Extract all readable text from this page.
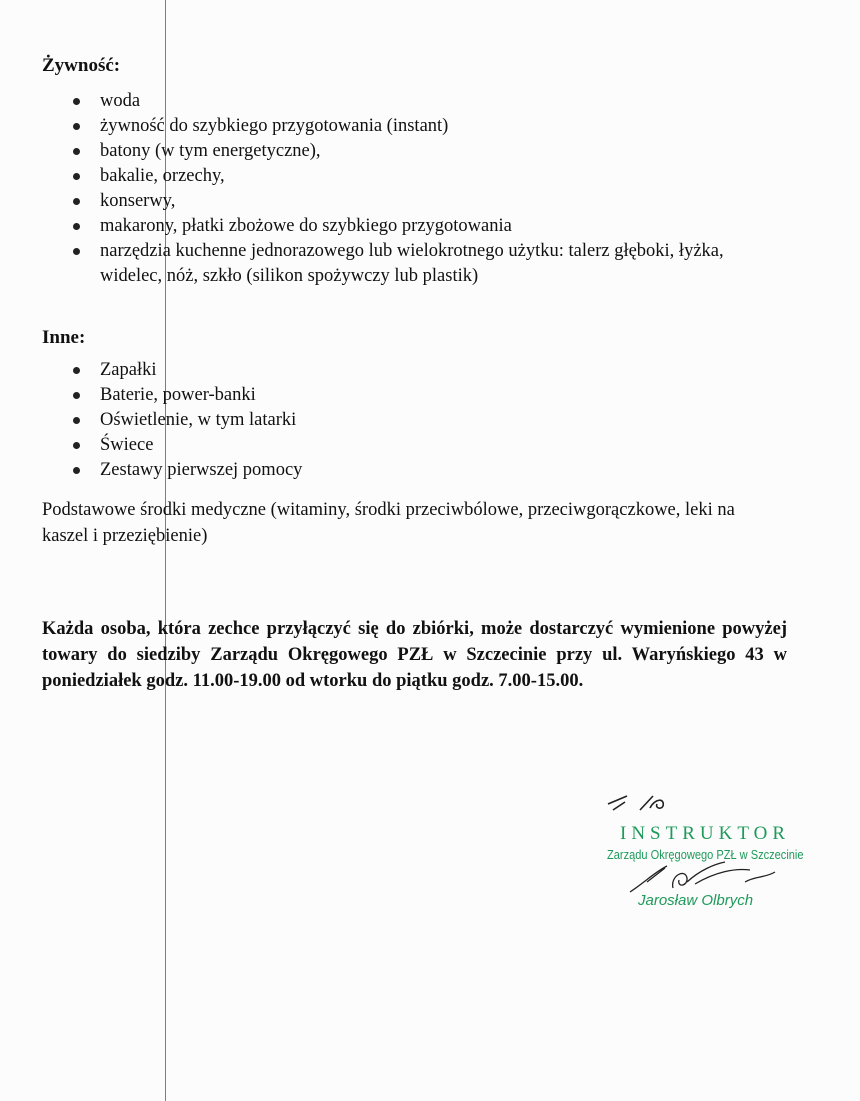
Żywność:
woda
żywność do szybkiego przygotowania (instant)
batony (w tym energetyczne),
bakalie, orzechy,
konserwy,
makarony, płatki zbożowe do szybkiego przygotowania
narzędzia kuchenne jednorazowego lub wielokrotnego użytku: talerz głęboki, łyżka, widelec, nóż, szkło (silikon spożywczy lub plastik)
Inne:
Zapałki
Baterie, power-banki
Oświetlenie, w tym latarki
Świece
Zestawy pierwszej pomocy
Podstawowe środki medyczne (witaminy, środki przeciwbólowe, przeciwgorączkowe, leki na kaszel i przeziębienie)
Każda osoba, która zechce przyłączyć się do zbiórki, może dostarczyć wymienione powyżej towary do siedziby Zarządu Okręgowego PZŁ w Szczecinie przy ul. Waryńskiego 43 w poniedziałek godz. 11.00-19.00 od wtorku do piątku godz. 7.00-15.00.
INSTRUKTOR
Zarządu Okręgowego PZŁ w Szczecinie
Jarosław Olbrych
